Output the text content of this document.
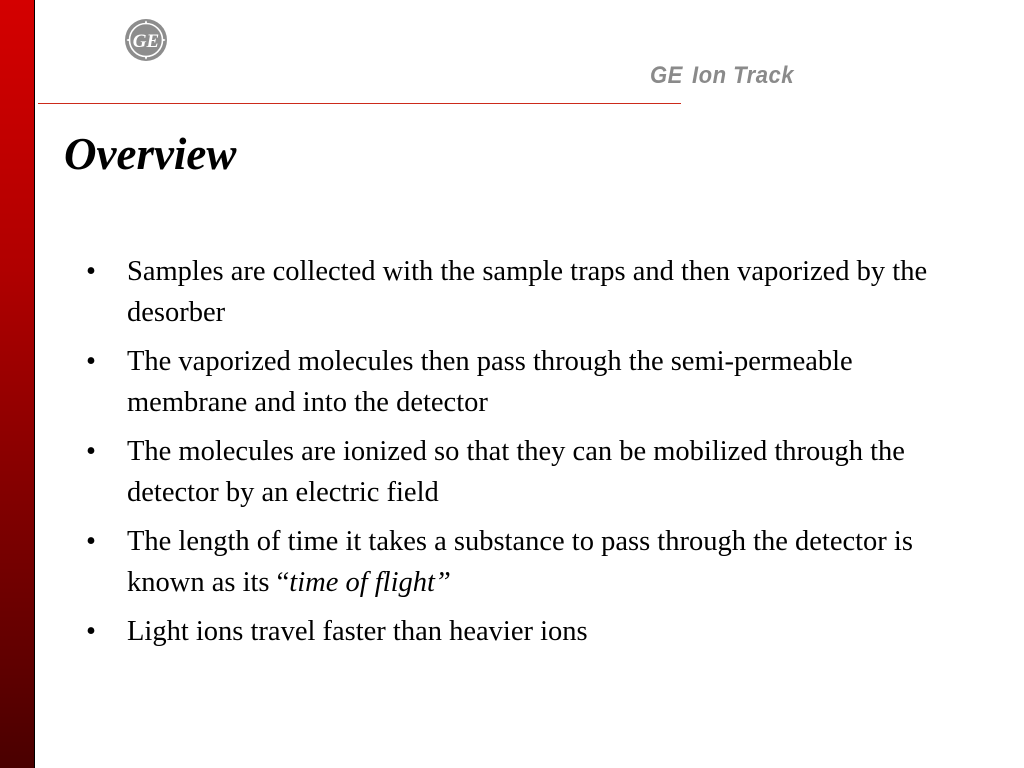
GE
GE Ion Track
Overview
• Samples are collected with the sample traps and then vaporized by the desorber
• The vaporized molecules then pass through the semi-permeable membrane and into the detector
• The molecules are ionized so that they can be mobilized through the detector by an electric field
• The length of time it takes a substance to pass through the detector is known as its “time of flight”
• Light ions travel faster than heavier ions
